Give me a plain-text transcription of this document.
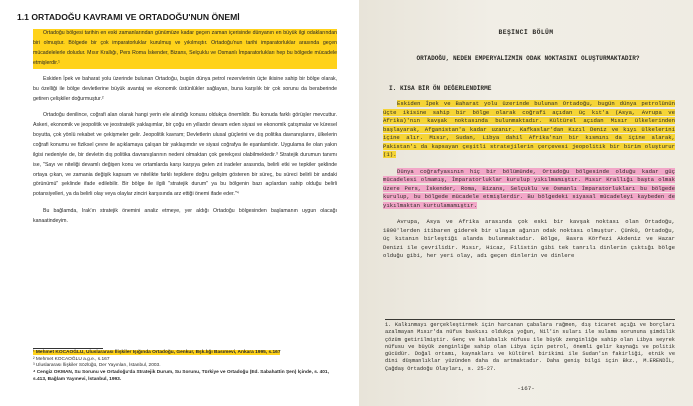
1.1 ORTADOĞU KAVRAMI VE ORTADOĞU'NUN ÖNEMİ

Ortadoğu bölgesi tarihin en eski zamanlarından günümüze kadar geçen zaman içerisinde dünyanın en büyük ilgi odaklarından biri olmuştur. Bölgede bir çok imparatorluklar kurulmuş ve yıkılmıştır. Ortadoğu'nun tarihi imparatorluklar arasında geçen mücadelelerle doludur. Mısır Krallığı, Pers Roma İskender, Bizans, Selçuklu ve Osmanlı İmparatorlukları hep bu bölgede mücadele etmişlerdir.¹

Eskiden İpek ve baharat yolu üzerinde bulunan Ortadoğu, bugün dünya petrol rezervlerinin üçte ikisine sahip bir bölge olarak, bu özelliği ile bölge devletlerine büyük avantaj ve ekonomik üstünlükler sağlayan, buna karşılık bir çok sorunu da beraberinde getiren çelişkiler doğurmuştur.²

Ortadoğu denilince, coğrafi alan olarak hangi yerin ele alındığı konusu oldukça önemlidir. Bu konuda farklı görüşler mevcuttur. Askeri, ekonomik ve jeopolitik ve jeostratejik yaklaşımlar, bir çoğu en yıllardır devam eden siyasi ve ekonomik çatışmalar ve küresel boyutta, çok yönlü rekabet ve çekişmeler gelir. Jeopolitik kavram; Devletlerin ulusal güçlerini ve dış politika davranışlarını, ülkelerin coğrafi konumu ve fiziksel çevre ile açıklamaya çalışan bir yaklaşımdır ve siyasi coğrafya ile eşanlamlıdır. Uygulama ile olan yakın ilgisi nedeniyle de, bir devletin dış politika davranışlarının nedeni olmaktan çok gerekçesi olabilmektedir.³ Stratejik durumun tanımı ise, "Sayı ve niteliği devamlı değişen konu ve ortamlarda karşı karşıya gelen zıt iradeler arasında, belirli etki ve tepkiler şeklinde ortaya çıkan, ve zamania değişik kapsam ve nitelikte farklı tepkilere doğru gelişim gösteren bir süreç, bu süreci belirli bir andaki görünümü" şeklinde ifade edilebilir. Bir bölge ile ilgili "stratejik durum" ya bu bölgenin bazı açılardan sahip olduğu belirli potansiyelleri, ya da belirli olay veya olaylar zinciri karşısında arz ettiği önemi ifade eder."⁴

Bu bağlamda, Irak'ın stratejik önemini analiz etmeye, yer aldığı Ortadoğu bölgesinden başlamanın uygun olacağı kanaatindeyim.

¹ Mehmet KOCAOĞLU, Uluslararası İlişkiler Işığında Ortadoğu, Genkur, Bşk.lığı Basımevi, Ankara 1995, s.167

² Mehmet KOCAOĞLU a.g.e., s.167

³ Uluslararası İlişkiler Sözlüğü, Der Yayınları, İstanbul, 2003.

⁴ Cengiz OKMAN, Su Sorunu ve Ortadoğu'da Stratejik Durum, Su Sorunu, Türkiye ve Ortadoğu (Ed. Sabahattin Şen) İçinde, s. 401, s.413, Bağlam Yayınevi, İstanbul, 1993.

BEŞİNCİ BÖLÜM
ORTADOĞU, NEDEN EMPERYALİZMİN ODAK NOKTASINI OLUŞTURMAKTADIR?
I. KISA BİR ÖN DEĞERLENDİRME

Eskiden İpek ve Baharat yolu üzerinde bulunan Ortadoğu, bugün dünya petrolünün üçte ikisine sahip bir bölge olarak coğrafi açıdan üç kıt'a (Asya, Avrupa ve Afrika)'nın kavşak noktasında bulunmaktadır. Kültürel açıdan Mısır ülkelerinden başlayarak, Afganistan'a kadar uzanır. Kafkaslar'dan Kızıl Deniz ve kıyı ülkelerini içine alır. Mısır, Sudan, Libya dahil Afrika'nın bir kısmını da içine alarak, Pakistan'ı da kapsayan çeşitli stratejilerin çerçevesi jeopolitik bir birim oluşturur (1).

Dünya coğrafyasının hiç bir bölümünde, Ortadoğu bölgesinde olduğu kadar güç mücadelesi olmamış, İmparatorluklar kurulup yıkılmamıştır. Mısır Krallığı başta olmak üzere Pers, İskender, Roma, Bizans, Selçuklu ve Osmanlı İmparatorlukları bu bölgede kurulup, bu bölgede mücadele etmişlerdir. Bu bölgedeki siyasal mücadeleyi kaybeden de yıkılmaktan kurtulamamıştır.

Avrupa, Asya ve Afrika arasında çok eski bir kavşak noktası olan Ortadoğu, 1800'lerden itibaren giderek bir ulaşım ağının odak noktası olmuştur. Çünkü, Ortadoğu, üç kıtanın birleştiği alanda bulunmaktadır. Bölge, Basra Körfezi Akdeniz ve Hazar Denizi ile çevrilidir. Mısır, Hicaz, Filistin gibi tek tanrılı dinlerin çıktığı bölge olduğu gibi, her yeri olay, adı geçen dinlerin ve dinlere

1. Kalkınmayı gerçekleştirmek için harcanan çabalara rağmen, dış ticaret açığı ve borçları azalmayan Mısır'da nüfus baskısı oldukça yoğun, Nil'in suları ile sulama sorununa şimdilik çözüm getirilmiştir. Genç ve kalabalık nüfusu ile büyük zenginliğe sahip olan Libya seyrek nüfusu ve büyük zenginliğe sahip olan Libya için petrol, önemli gelir kaynağı ve politik gücüdür. Doğal ortamı, kaynakları ve kültürel birikimi ile Sudan'ın fakirliği, etnik ve dini düşmanlıklar yüzünden daha da artmaktadır. Daha geniş bilgi için Bkz., M.ERENDİL, Çağdaş Ortadoğu Olayları, s. 25-27.
-167-
